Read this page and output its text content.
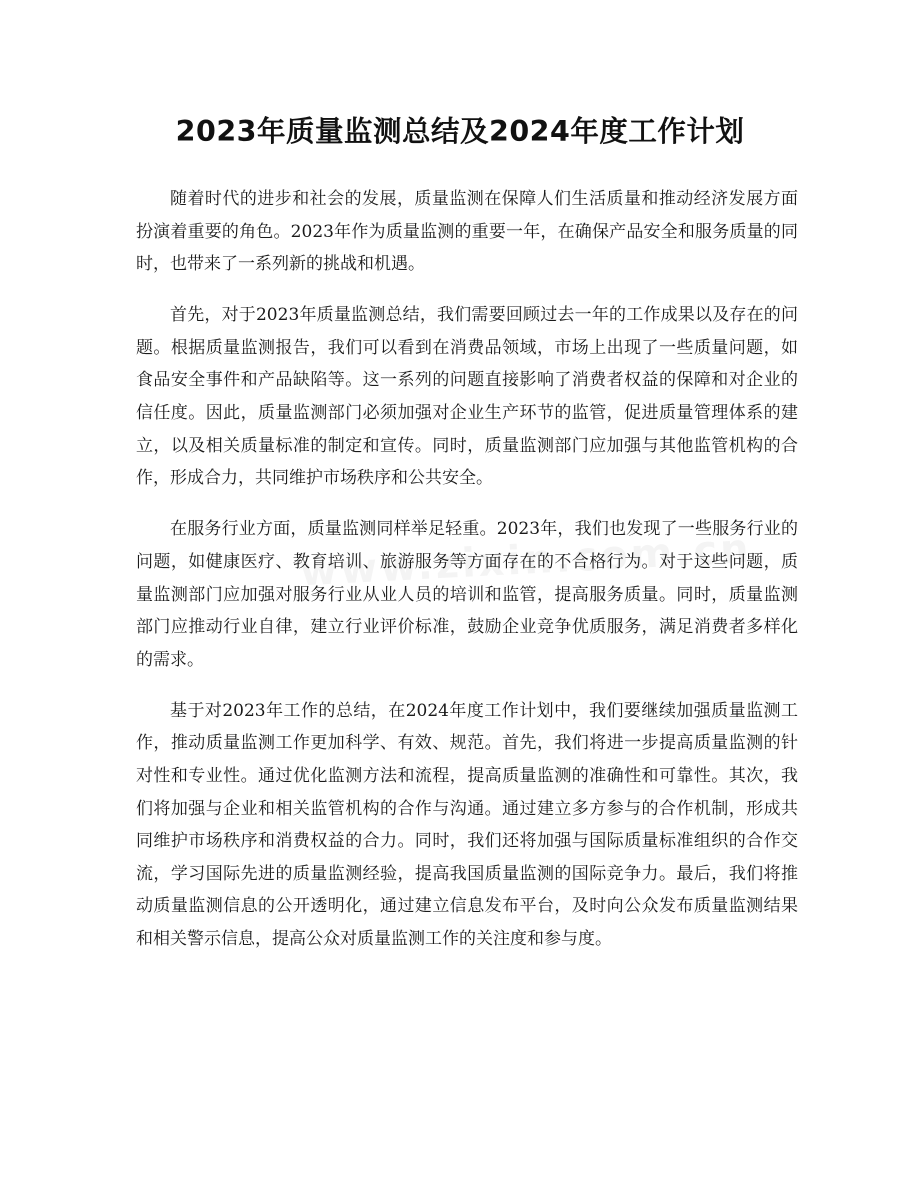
2023年质量监测总结及2024年度工作计划

随着时代的进步和社会的发展，质量监测在保障人们生活质量和推动经济发展方面扮演着重要的角色。2023年作为质量监测的重要一年，在确保产品安全和服务质量的同时，也带来了一系列新的挑战和机遇。

首先，对于2023年质量监测总结，我们需要回顾过去一年的工作成果以及存在的问题。根据质量监测报告，我们可以看到在消费品领域，市场上出现了一些质量问题，如食品安全事件和产品缺陷等。这一系列的问题直接影响了消费者权益的保障和对企业的信任度。因此，质量监测部门必须加强对企业生产环节的监管，促进质量管理体系的建立，以及相关质量标准的制定和宣传。同时，质量监测部门应加强与其他监管机构的合作，形成合力，共同维护市场秩序和公共安全。

在服务行业方面，质量监测同样举足轻重。2023年，我们也发现了一些服务行业的问题，如健康医疗、教育培训、旅游服务等方面存在的不合格行为。对于这些问题，质量监测部门应加强对服务行业从业人员的培训和监管，提高服务质量。同时，质量监测部门应推动行业自律，建立行业评价标准，鼓励企业竞争优质服务，满足消费者多样化的需求。

基于对2023年工作的总结，在2024年度工作计划中，我们要继续加强质量监测工作，推动质量监测工作更加科学、有效、规范。首先，我们将进一步提高质量监测的针对性和专业性。通过优化监测方法和流程，提高质量监测的准确性和可靠性。其次，我们将加强与企业和相关监管机构的合作与沟通。通过建立多方参与的合作机制，形成共同维护市场秩序和消费权益的合力。同时，我们还将加强与国际质量标准组织的合作交流，学习国际先进的质量监测经验，提高我国质量监测的国际竞争力。最后，我们将推动质量监测信息的公开透明化，通过建立信息发布平台，及时向公众发布质量监测结果和相关警示信息，提高公众对质量监测工作的关注度和参与度。
